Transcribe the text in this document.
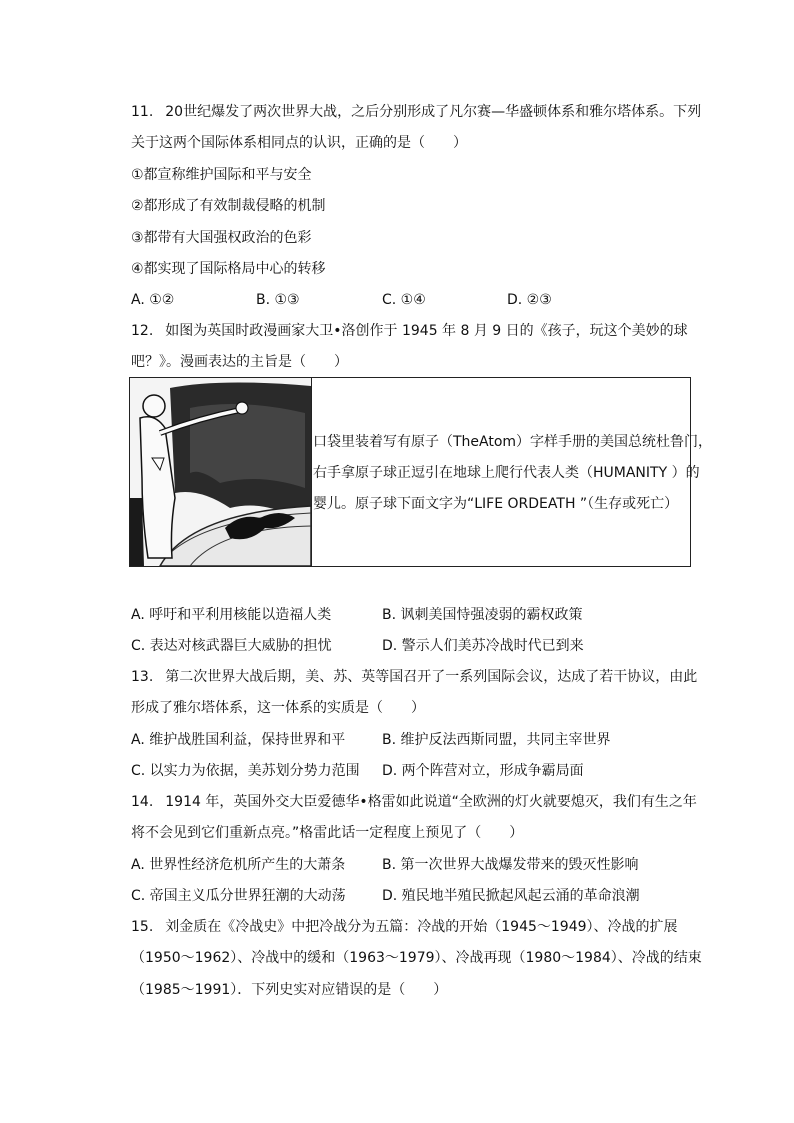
11. 20世纪爆发了两次世界大战，之后分别形成了凡尔赛—华盛顿体系和雅尔塔体系。下列
关于这两个国际体系相同点的认识，正确的是（　　）
①都宣称维护国际和平与安全
②都形成了有效制裁侵略的机制
③都带有大国强权政治的色彩
④都实现了国际格局中心的转移
A. ①②	B. ①③	C. ①④	D. ②③
12. 如图为英国时政漫画家大卫•洛创作于 1945 年 8 月 9 日的《孩子，玩这个美妙的球
吧？》。漫画表达的主旨是（　　）
口袋里装着写有原子（TheAtom）字样手册的美国总统杜鲁门，
右手拿原子球正逗引在地球上爬行代表人类（HUMANITY ）的
婴儿。原子球下面文字为“LIFE ORDEATH ”（生存或死亡）
A. 呼吁和平利用核能以造福人类	B. 讽刺美国恃强凌弱的霸权政策
C. 表达对核武器巨大威胁的担忧	D. 警示人们美苏冷战时代已到来
13. 第二次世界大战后期，美、苏、英等国召开了一系列国际会议，达成了若干协议，由此
形成了雅尔塔体系，这一体系的实质是（　　）
A. 维护战胜国利益，保持世界和平	B. 维护反法西斯同盟，共同主宰世界
C. 以实力为依据，美苏划分势力范围 D. 两个阵营对立，形成争霸局面
14. 1914 年，英国外交大臣爱德华•格雷如此说道“全欧洲的灯火就要熄灭，我们有生之年
将不会见到它们重新点亮。”格雷此话一定程度上预见了（　　）
A. 世界性经济危机所产生的大萧条	B. 第一次世界大战爆发带来的毁灭性影响
C. 帝国主义瓜分世界狂潮的大动荡	D. 殖民地半殖民掀起风起云涌的革命浪潮
15. 刘金质在《冷战史》中把冷战分为五篇：冷战的开始（1945～1949）、冷战的扩展
（1950～1962）、冷战中的缓和（1963～1979）、冷战再现（1980～1984）、冷战的结束
（1985～1991）．下列史实对应错误的是（　　）
